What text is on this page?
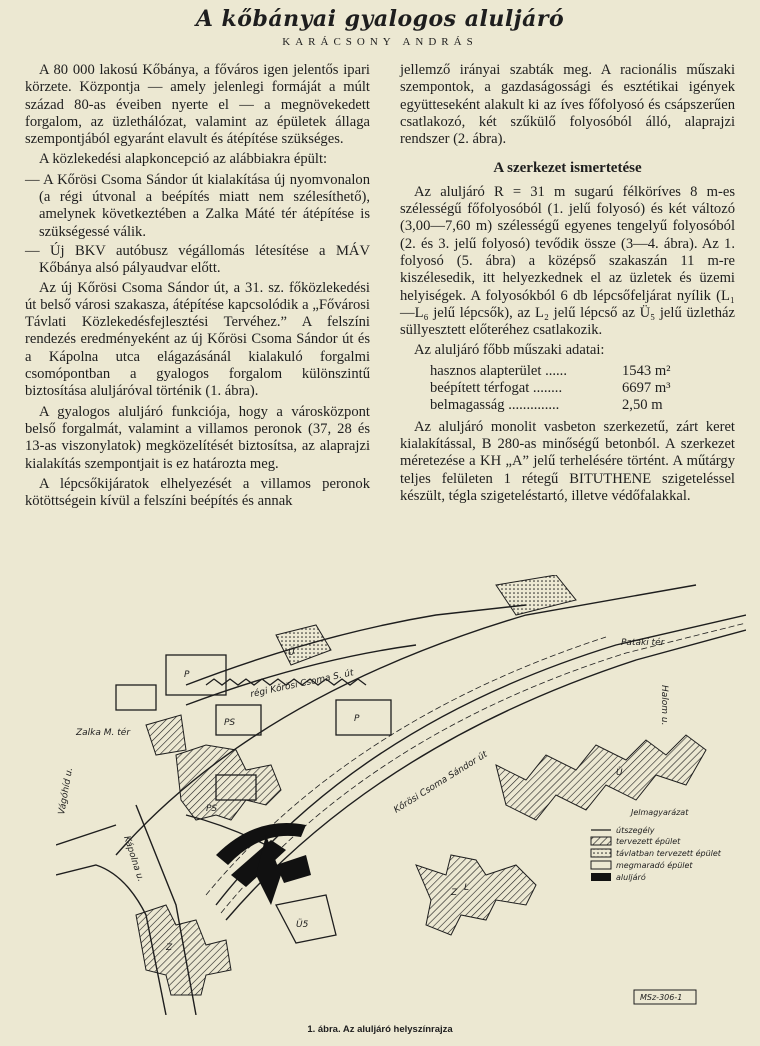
A kőbányai gyalogos aluljáró
KARÁCSONY ANDRÁS

A 80 000 lakosú Kőbánya, a főváros igen jelentős ipari körzete. Központja — amely jelenlegi formáját a múlt század 80-as éveiben nyerte el — a megnövekedett forgalom, az üzlethálózat, valamint az épületek állaga szempontjából egyaránt elavult és átépítése szükséges.

A közlekedési alapkoncepció az alábbiakra épült:

— A Kőrösi Csoma Sándor út kialakítása új nyomvonalon (a régi útvonal a beépítés miatt nem szélesíthető), amelynek következtében a Zalka Máté tér átépítése is szükségessé válik.

— Új BKV autóbusz végállomás létesítése a MÁV Kőbánya alsó pályaudvar előtt.

Az új Kőrösi Csoma Sándor út, a 31. sz. főközlekedési út belső városi szakasza, átépítése kapcsolódik a „Fővárosi Távlati Közlekedésfejlesztési Tervéhez.” A felszíni rendezés eredményeként az új Kőrösi Csoma Sándor út és a Kápolna utca elágazásánál kialakuló forgalmi csomópontban a gyalogos forgalom különszintű biztosítása aluljáróval történik (1. ábra).

A gyalogos aluljáró funkciója, hogy a városközpont belső forgalmát, valamint a villamos peronok (37, 28 és 13-as viszonylatok) megközelítését biztosítsa, az alaprajzi kialakítás szempontjait is ez határozta meg.

A lépcsőkijáratok elhelyezését a villamos peronok kötöttségein kívül a felszíni beépítés és annak

jellemző irányai szabták meg. A racionális műszaki szempontok, a gazdaságossági és esztétikai igények együtteseként alakult ki az íves főfolyosó és csápszerűen csatlakozó, két szűkülő folyosóból álló, alaprajzi rendszer (2. ábra).

A szerkezet ismertetése

Az aluljáró R = 31 m sugarú félköríves 8 m-es szélességű főfolyosóból (1. jelű folyosó) és két változó (3,00—7,60 m) szélességű egyenes tengelyű folyosóból (2. és 3. jelű folyosó) tevődik össze (3—4. ábra). Az 1. folyosó (5. ábra) a középső szakaszán 11 m-re kiszélesedik, itt helyezkednek el az üzletek és üzemi helyiségek. A folyosókból 6 db lépcsőfeljárat nyílik (L₁—L₆ jelű lépcsők), az L₂ jelű lépcső az Ü₅ jelű üzletház süllyesztett előteréhez csatlakozik.

Az aluljáró főbb műszaki adatai:

hasznos alapterület ......	1543 m²
beépített térfogat ........	6697 m³
belmagasság ..............	2,50 m

Az aluljáró monolit vasbeton szerkezetű, zárt keret kialakítással, B 280-as minőségű betonból. A szerkezet méretezése a KH „A” jelű terhelésére történt. A műtárgy teljes felületen 1 rétegű BITUTHENE szigeteléssel készült, tégla szigeteléstartó, illetve védőfalakkal.

Pataki tér
Halom u.
régi Kőrösi Csoma S. út
Kőrösi Csoma Sándor út
Zalka M. tér
Kápolna u.
Vágóhíd u.
PS
PS
Ü5
P
P
Ü
Ü
Z
Z L
Jelmagyarázat
útszegély
tervezett épület
távlatban tervezett épület
megmaradó épület
aluljáró
MSz-306-1
1. ábra. Az aluljáró helyszínrajza
